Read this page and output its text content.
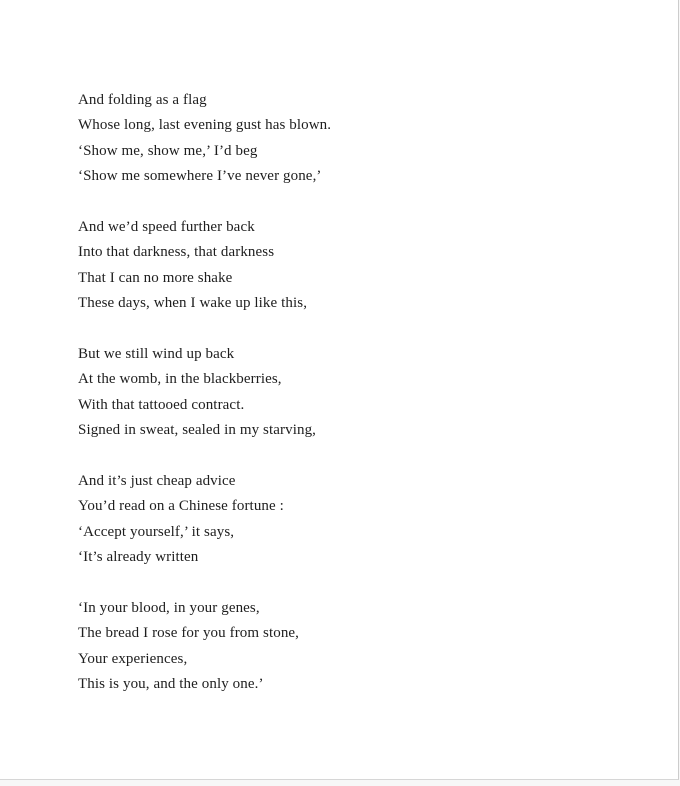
And folding as a flag

Whose long, last evening gust has blown.

‘Show me, show me,’ I’d beg

‘Show me somewhere I’ve never gone,’

And we’d speed further back

Into that darkness, that darkness

That I can no more shake

These days, when I wake up like this,

But we still wind up back

At the womb, in the blackberries,

With that tattooed contract.

Signed in sweat, sealed in my starving,

And it’s just cheap advice

You’d read on a Chinese fortune :

‘Accept yourself,’ it says,

‘It’s already written

‘In your blood, in your genes,

The bread I rose for you from stone,

Your experiences,

This is you, and the only one.’
